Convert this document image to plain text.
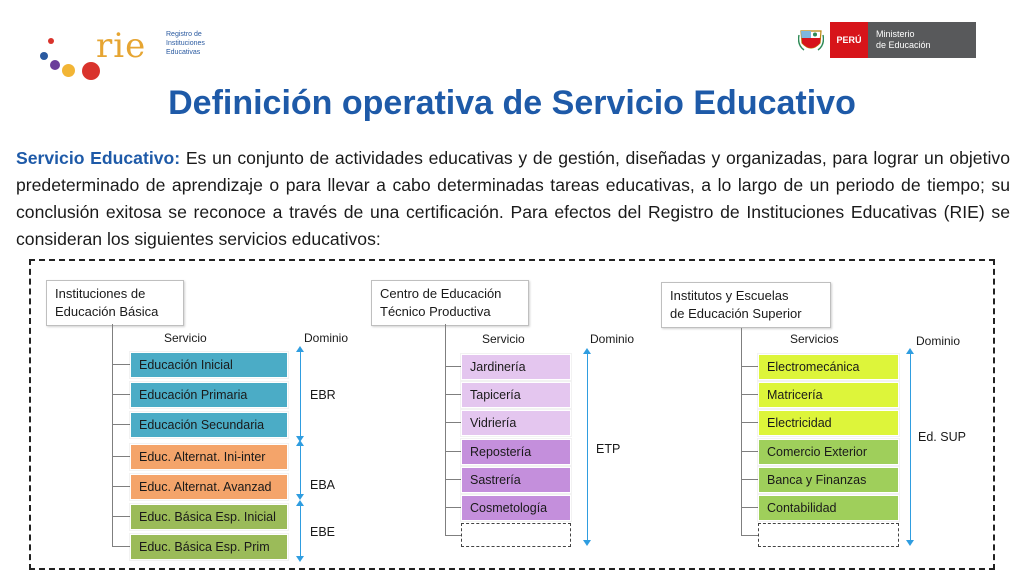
rie	Registro de
Instituciones
Educativas
PERÚ
Ministerio
de Educación
Definición operativa de Servicio Educativo
Servicio Educativo: Es un conjunto de actividades educativas y de gestión, diseñadas y organizadas, para lograr un objetivo predeterminado de aprendizaje o para llevar a cabo determinadas tareas educativas, a lo largo de un periodo de tiempo; su conclusión exitosa se reconoce a través de una certificación. Para efectos del Registro de Instituciones Educativas (RIE) se consideran los siguientes servicios educativos:
Instituciones de
Educación Básica
Servicio	Dominio
Educación Inicial
Educación Primaria
Educación Secundaria
Educ. Alternat. Ini-inter
Educ. Alternat. Avanzad
Educ. Básica Esp. Inicial
Educ. Básica Esp. Prim
EBR
EBA
EBE
Centro de Educación
Técnico Productiva
Servicio	Dominio
Jardinería
Tapicería
Vidriería
Repostería
Sastrería
Cosmetología
ETP
Institutos y Escuelas
de Educación Superior
Servicios	Dominio
Electromecánica
Matricería
Electricidad
Comercio Exterior
Banca y Finanzas
Contabilidad
Ed. SUP
